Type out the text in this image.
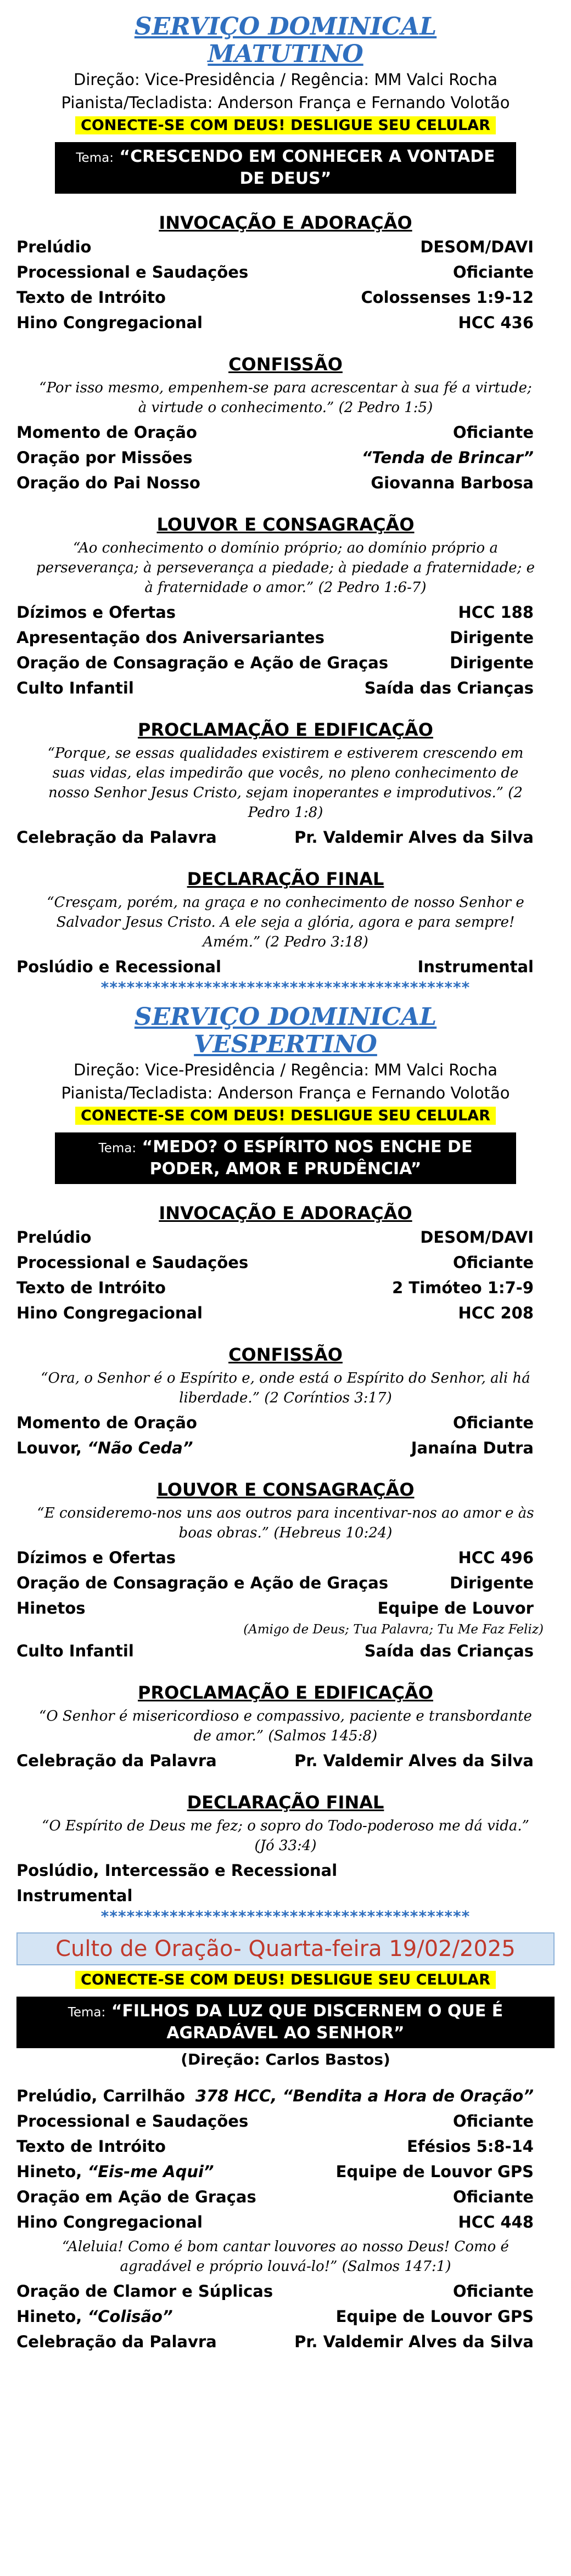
SERVIÇO DOMINICAL
MATUTINO
Direção: Vice-Presidência / Regência: MM Valci Rocha
Pianista/Tecladista: Anderson França e Fernando Volotão
CONECTE-SE COM DEUS! DESLIGUE SEU CELULAR
Tema: “CRESCENDO EM CONHECER A VONTADE DE DEUS”
INVOCAÇÃO E ADORAÇÃO
Prelúdio	DESOM/DAVI
Processional e Saudações	Oficiante
Texto de Intróito	Colossenses 1:9-12
Hino Congregacional	HCC 436
CONFISSÃO
“Por isso mesmo, empenhem-se para acrescentar à sua fé a virtude; à virtude o conhecimento.” (2 Pedro 1:5)
Momento de Oração	Oficiante
Oração por Missões	“Tenda de Brincar”
Oração do Pai Nosso	Giovanna Barbosa
LOUVOR E CONSAGRAÇÃO
“Ao conhecimento o domínio próprio; ao domínio próprio a perseverança; à perseverança a piedade; à piedade a fraternidade; e à fraternidade o amor.” (2 Pedro 1:6-7)
Dízimos e Ofertas	HCC 188
Apresentação dos Aniversariantes	Dirigente
Oração de Consagração e Ação de Graças	Dirigente
Culto Infantil	Saída das Crianças
PROCLAMAÇÃO E EDIFICAÇÃO
“Porque, se essas qualidades existirem e estiverem crescendo em suas vidas, elas impedirão que vocês, no pleno conhecimento de nosso Senhor Jesus Cristo, sejam inoperantes e improdutivos.” (2 Pedro 1:8)
Celebração da Palavra	Pr. Valdemir Alves da Silva
DECLARAÇÃO FINAL
“Cresçam, porém, na graça e no conhecimento de nosso Senhor e Salvador Jesus Cristo. A ele seja a glória, agora e para sempre! Amém.” (2 Pedro 3:18)
Poslúdio e Recessional	Instrumental
*******************************************
SERVIÇO DOMINICAL
VESPERTINO
Direção: Vice-Presidência / Regência: MM Valci Rocha
Pianista/Tecladista: Anderson França e Fernando Volotão
CONECTE-SE COM DEUS! DESLIGUE SEU CELULAR
Tema: “MEDO? O ESPÍRITO NOS ENCHE DE PODER, AMOR E PRUDÊNCIA”
INVOCAÇÃO E ADORAÇÃO
Prelúdio	DESOM/DAVI
Processional e Saudações	Oficiante
Texto de Intróito	2 Timóteo 1:7-9
Hino Congregacional	HCC 208
CONFISSÃO
“Ora, o Senhor é o Espírito e, onde está o Espírito do Senhor, ali há liberdade.” (2 Coríntios 3:17)
Momento de Oração	Oficiante
Louvor, “Não Ceda”	Janaína Dutra
LOUVOR E CONSAGRAÇÃO
“E consideremo-nos uns aos outros para incentivar-nos ao amor e às boas obras.” (Hebreus 10:24)
Dízimos e Ofertas	HCC 496
Oração de Consagração e Ação de Graças	Dirigente
Hinetos	Equipe de Louvor
(Amigo de Deus; Tua Palavra; Tu Me Faz Feliz)
Culto Infantil	Saída das Crianças
PROCLAMAÇÃO E EDIFICAÇÃO
“O Senhor é misericordioso e compassivo, paciente e transbordante de amor.” (Salmos 145:8)
Celebração da Palavra	Pr. Valdemir Alves da Silva
DECLARAÇÃO FINAL
“O Espírito de Deus me fez; o sopro do Todo-poderoso me dá vida.” (Jó 33:4)
Poslúdio, Intercessão e Recessional
Instrumental
*******************************************
Culto de Oração- Quarta-feira 19/02/2025
CONECTE-SE COM DEUS! DESLIGUE SEU CELULAR
Tema: “FILHOS DA LUZ QUE DISCERNEM O QUE É AGRADÁVEL AO SENHOR”
(Direção: Carlos Bastos)
Prelúdio, Carrilhão 378 HCC, “Bendita a Hora de Oração”
Processional e Saudações	Oficiante
Texto de Intróito	Efésios 5:8-14
Hineto, “Eis-me Aqui”	Equipe de Louvor GPS
Oração em Ação de Graças	Oficiante
Hino Congregacional	HCC 448
“Aleluia! Como é bom cantar louvores ao nosso Deus! Como é agradável e próprio louvá-lo!” (Salmos 147:1)
Oração de Clamor e Súplicas	Oficiante
Hineto, “Colisão”	Equipe de Louvor GPS
Celebração da Palavra	Pr. Valdemir Alves da Silva
